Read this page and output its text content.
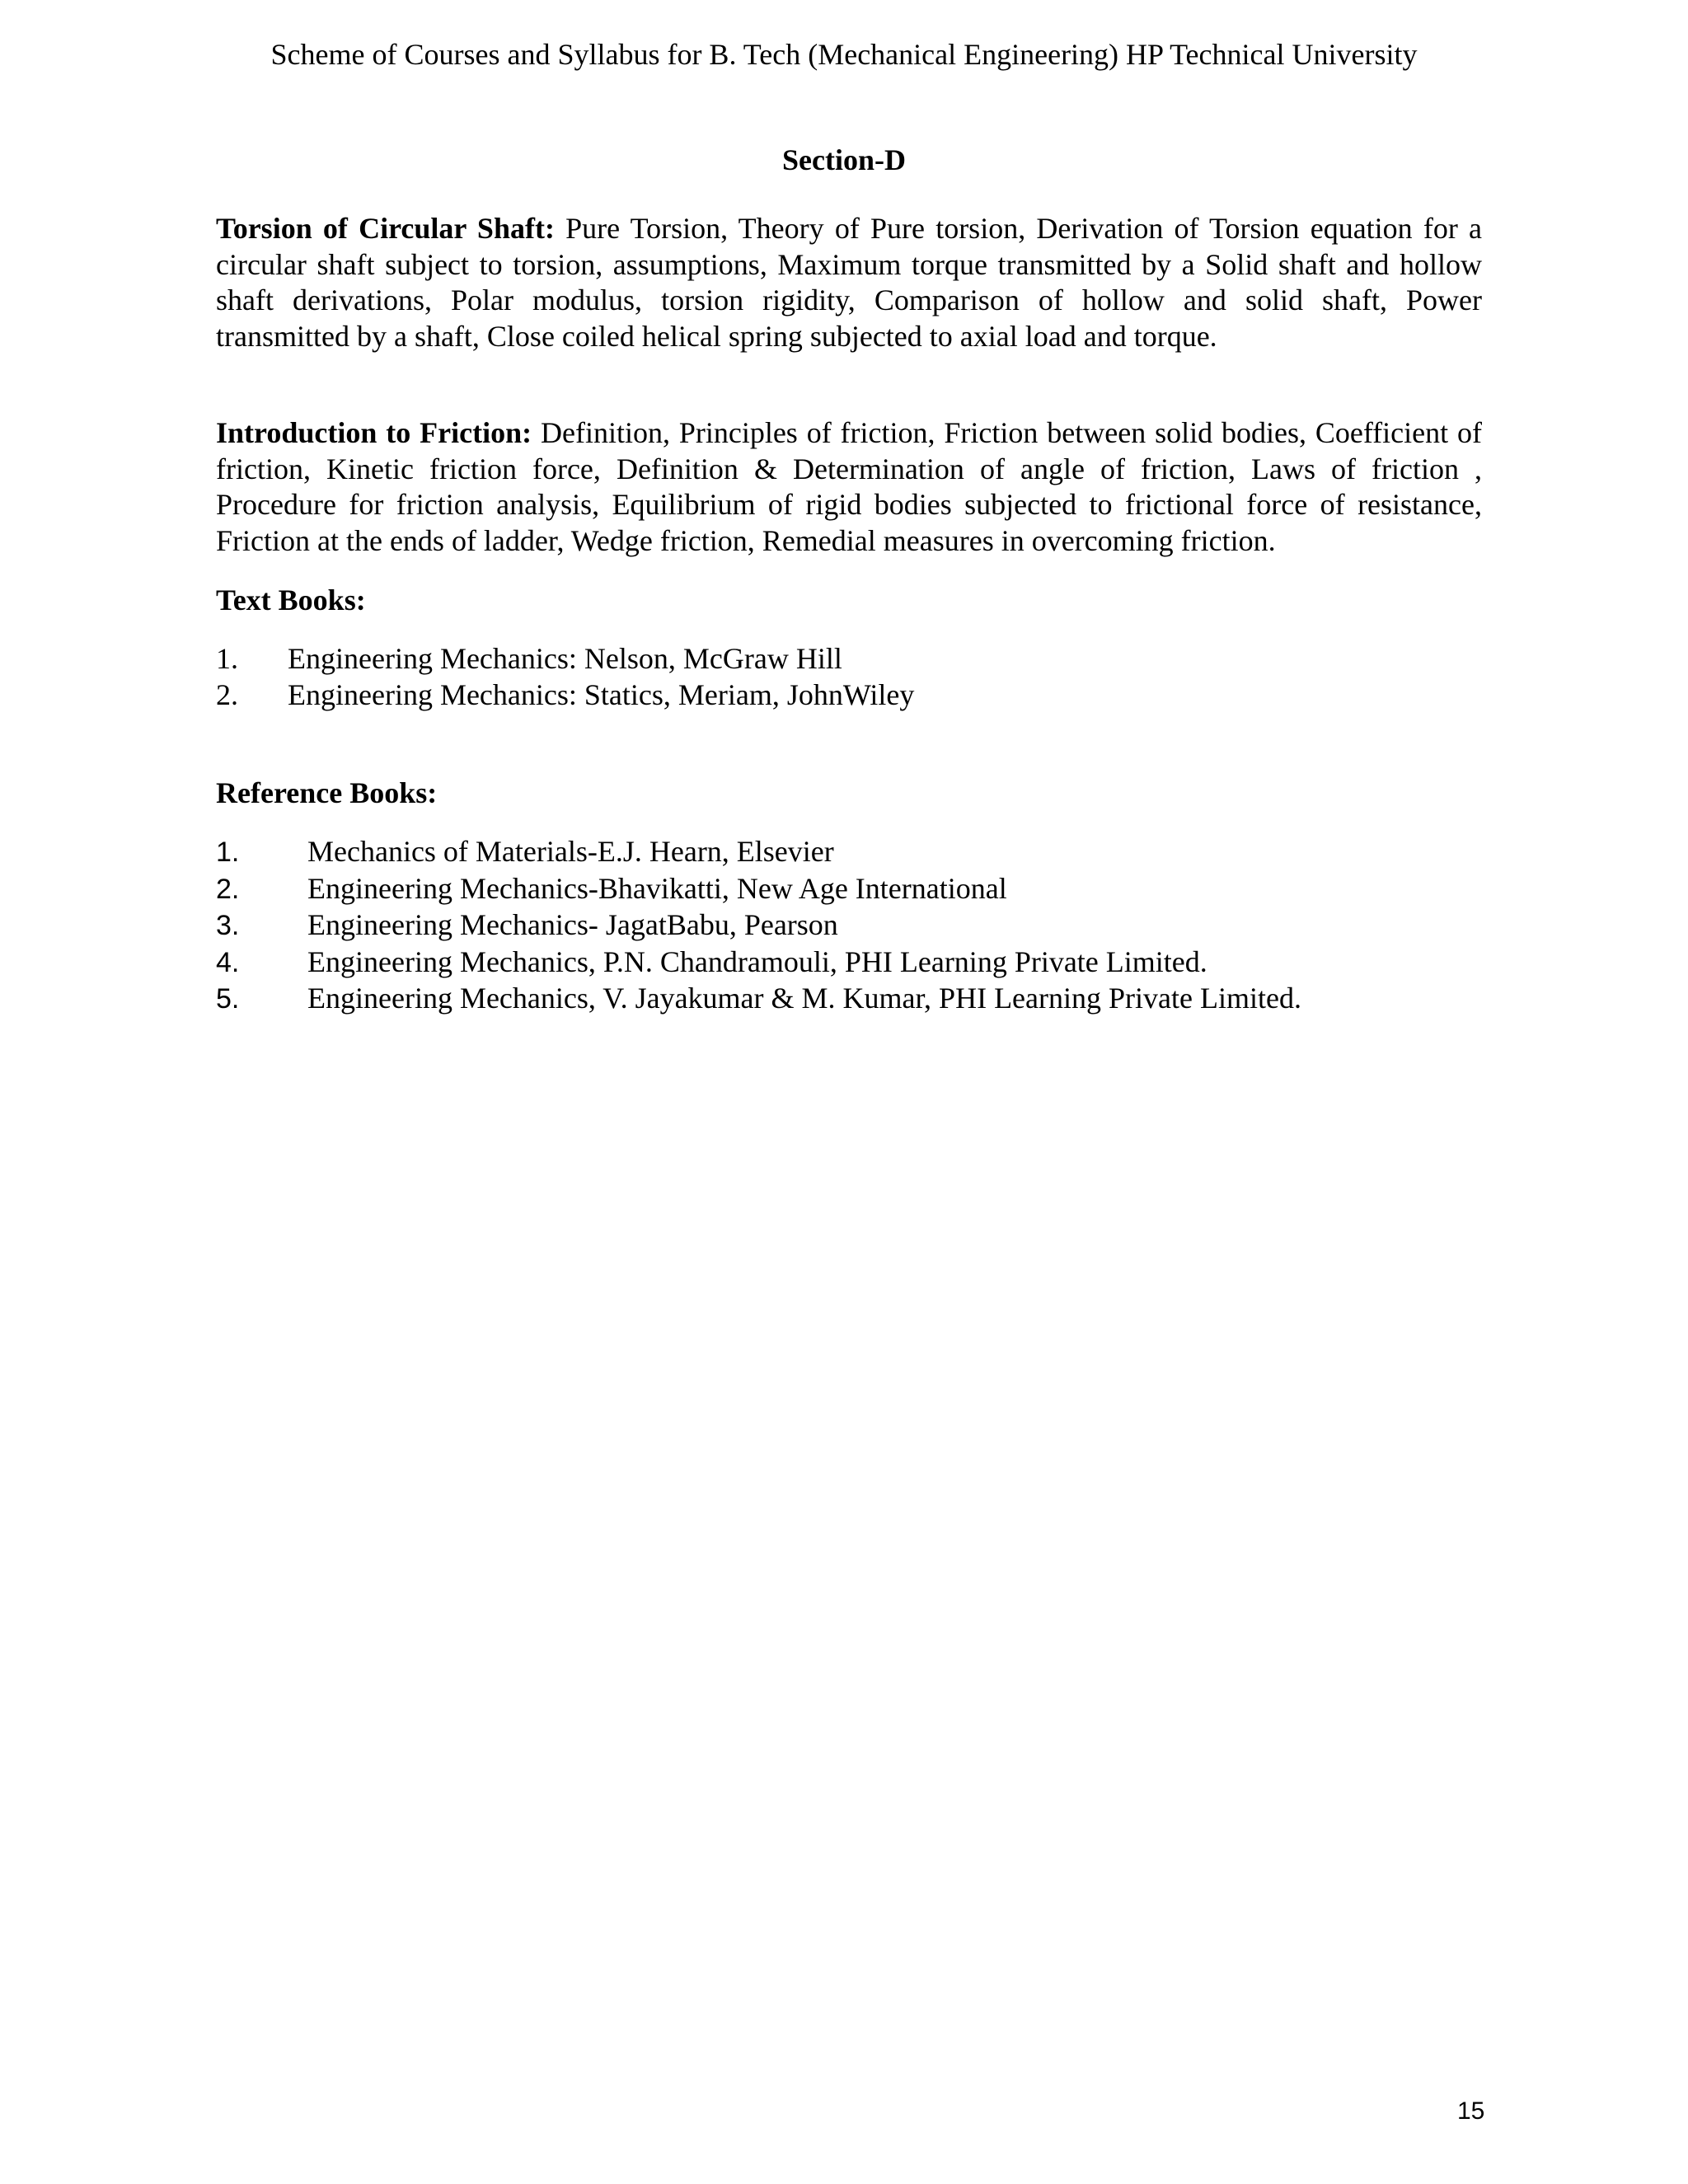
Scheme of Courses and Syllabus for B. Tech (Mechanical Engineering) HP Technical University
Section-D
Torsion of Circular Shaft: Pure Torsion, Theory of Pure torsion, Derivation of Torsion equation for a circular shaft subject to torsion, assumptions, Maximum torque transmitted by a Solid shaft and hollow shaft derivations, Polar modulus, torsion rigidity, Comparison of hollow and solid shaft, Power transmitted by a shaft, Close coiled helical spring subjected to axial load and torque.
Introduction to Friction: Definition, Principles of friction, Friction between solid bodies, Coefficient of friction, Kinetic friction force, Definition & Determination of angle of friction, Laws of friction , Procedure for friction analysis, Equilibrium of rigid bodies subjected to frictional force of resistance, Friction at the ends of ladder, Wedge friction, Remedial measures in overcoming friction.
Text Books:
1. Engineering Mechanics: Nelson, McGraw Hill
2. Engineering Mechanics: Statics, Meriam, JohnWiley
Reference Books:
1. Mechanics of Materials-E.J. Hearn, Elsevier
2. Engineering Mechanics-Bhavikatti, New Age International
3. Engineering Mechanics- JagatBabu, Pearson
4. Engineering Mechanics, P.N. Chandramouli, PHI Learning Private Limited.
5. Engineering Mechanics, V. Jayakumar & M. Kumar, PHI Learning Private Limited.
15
